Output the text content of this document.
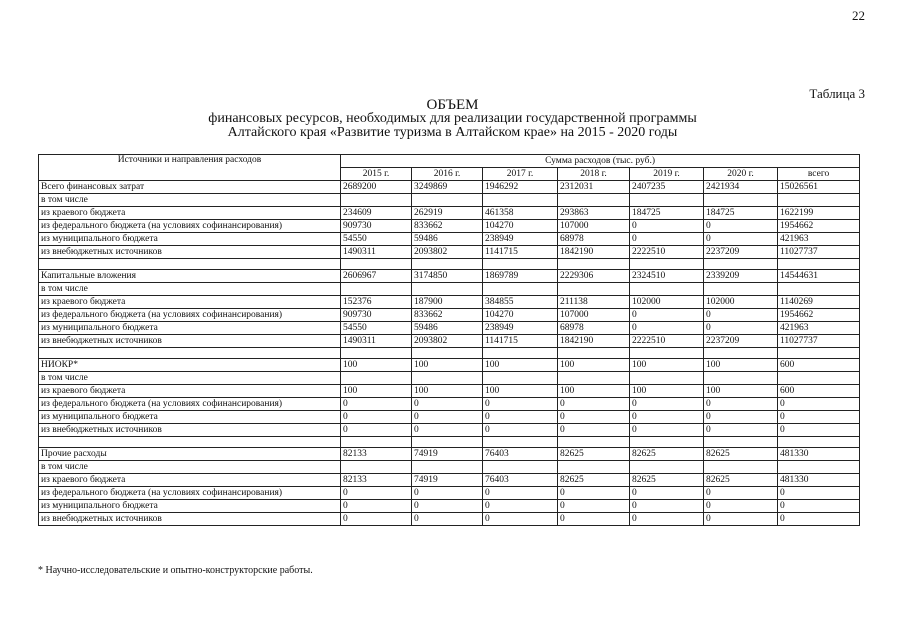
22
Таблица 3
ОБЪЕМ
финансовых ресурсов, необходимых для реализации государственной программы
Алтайского края «Развитие туризма в Алтайском крае» на 2015 - 2020 годы
Источники и направления расходов	Сумма расходов (тыс. руб.)						
	2015 г.	2016 г.	2017 г.	2018 г.	2019 г.	2020 г.	всего
Всего финансовых затрат	2689200	3249869	1946292	2312031	2407235	2421934	15026561
в том числе							
из краевого бюджета	234609	262919	461358	293863	184725	184725	1622199
из федерального бюджета (на условиях софинансирования)	909730	833662	104270	107000	0	0	1954662
из муниципального бюджета	54550	59486	238949	68978	0	0	421963
из внебюджетных источников	1490311	2093802	1141715	1842190	2222510	2237209	11027737

Капитальные вложения	2606967	3174850	1869789	2229306	2324510	2339209	14544631
в том числе							
из краевого бюджета	152376	187900	384855	211138	102000	102000	1140269
из федерального бюджета (на условиях софинансирования)	909730	833662	104270	107000	0	0	1954662
из муниципального бюджета	54550	59486	238949	68978	0	0	421963
из внебюджетных источников	1490311	2093802	1141715	1842190	2222510	2237209	11027737

НИОКР*	100	100	100	100	100	100	600
в том числе							
из краевого бюджета	100	100	100	100	100	100	600
из федерального бюджета (на условиях софинансирования)	0	0	0	0	0	0	0
из муниципального бюджета	0	0	0	0	0	0	0
из внебюджетных источников	0	0	0	0	0	0	0

Прочие расходы	82133	74919	76403	82625	82625	82625	481330
в том числе							
из краевого бюджета	82133	74919	76403	82625	82625	82625	481330
из федерального бюджета (на условиях софинансирования)	0	0	0	0	0	0	0
из муниципального бюджета	0	0	0	0	0	0	0
из внебюджетных источников	0	0	0	0	0	0	0
* Научно-исследовательские и опытно-конструкторские работы.
